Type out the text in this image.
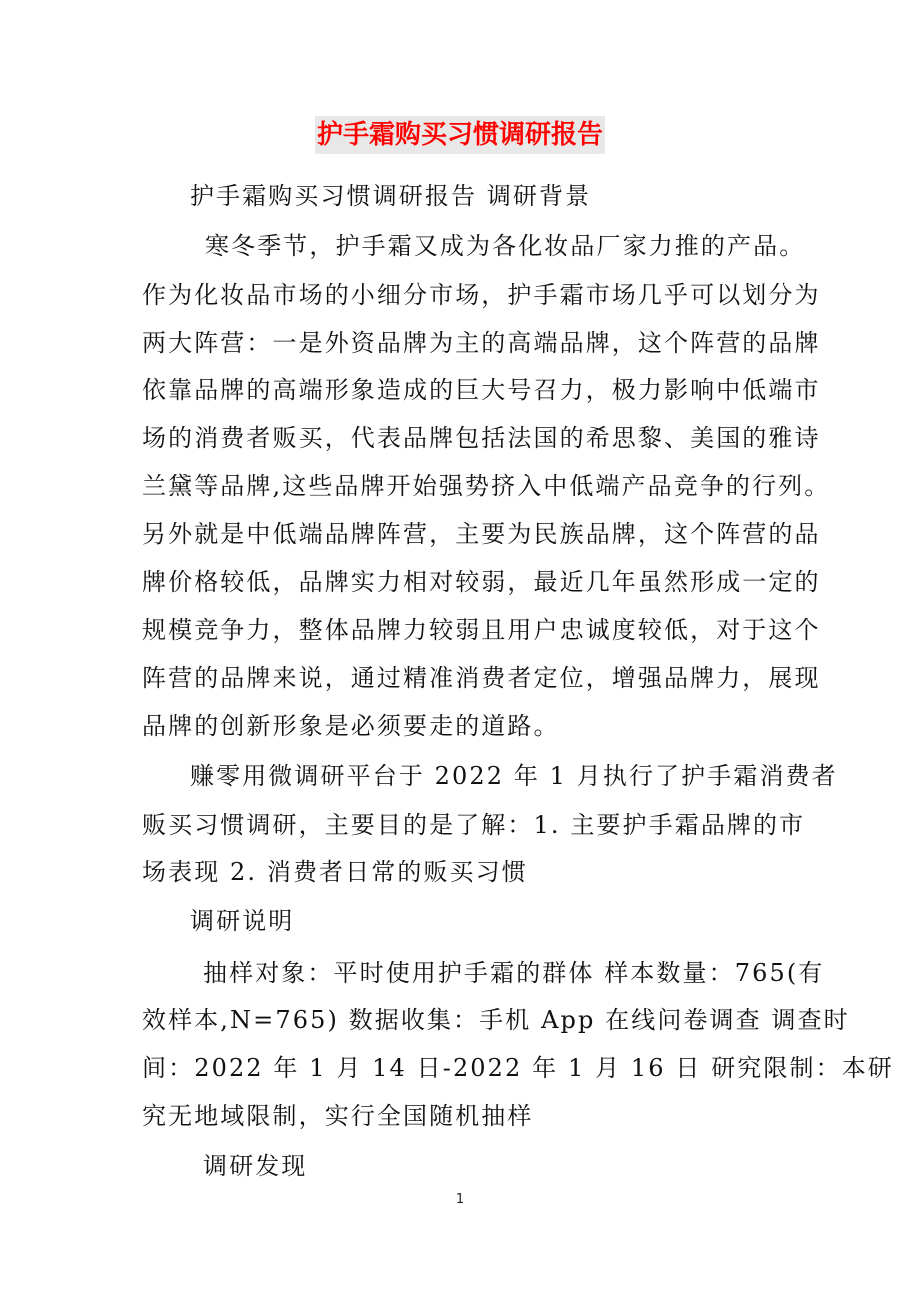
护手霜购买习惯调研报告
护手霜购买习惯调研报告 调研背景
寒冬季节，护手霜又成为各化妆品厂家力推的产品。
作为化妆品市场的小细分市场，护手霜市场几乎可以划分为
两大阵营：一是外资品牌为主的高端品牌，这个阵营的品牌
依靠品牌的高端形象造成的巨大号召力，极力影响中低端市
场的消费者贩买，代表品牌包括法国的希思黎、美国的雅诗
兰黛等品牌,这些品牌开始强势挤入中低端产品竞争的行列。
另外就是中低端品牌阵营，主要为民族品牌，这个阵营的品
牌价格较低，品牌实力相对较弱，最近几年虽然形成一定的
规模竞争力，整体品牌力较弱且用户忠诚度较低，对于这个
阵营的品牌来说，通过精准消费者定位，增强品牌力，展现
品牌的创新形象是必须要走的道路。
赚零用微调研平台于 2022 年 1 月执行了护手霜消费者
贩买习惯调研，主要目的是了解：1. 主要护手霜品牌的市
场表现 2. 消费者日常的贩买习惯
调研说明
抽样对象：平时使用护手霜的群体 样本数量：765(有
效样本,N=765) 数据收集：手机 App 在线问卷调查 调查时
间：2022 年 1 月 14 日-2022 年 1 月 16 日 研究限制：本研
究无地域限制，实行全国随机抽样
调研发现
1
